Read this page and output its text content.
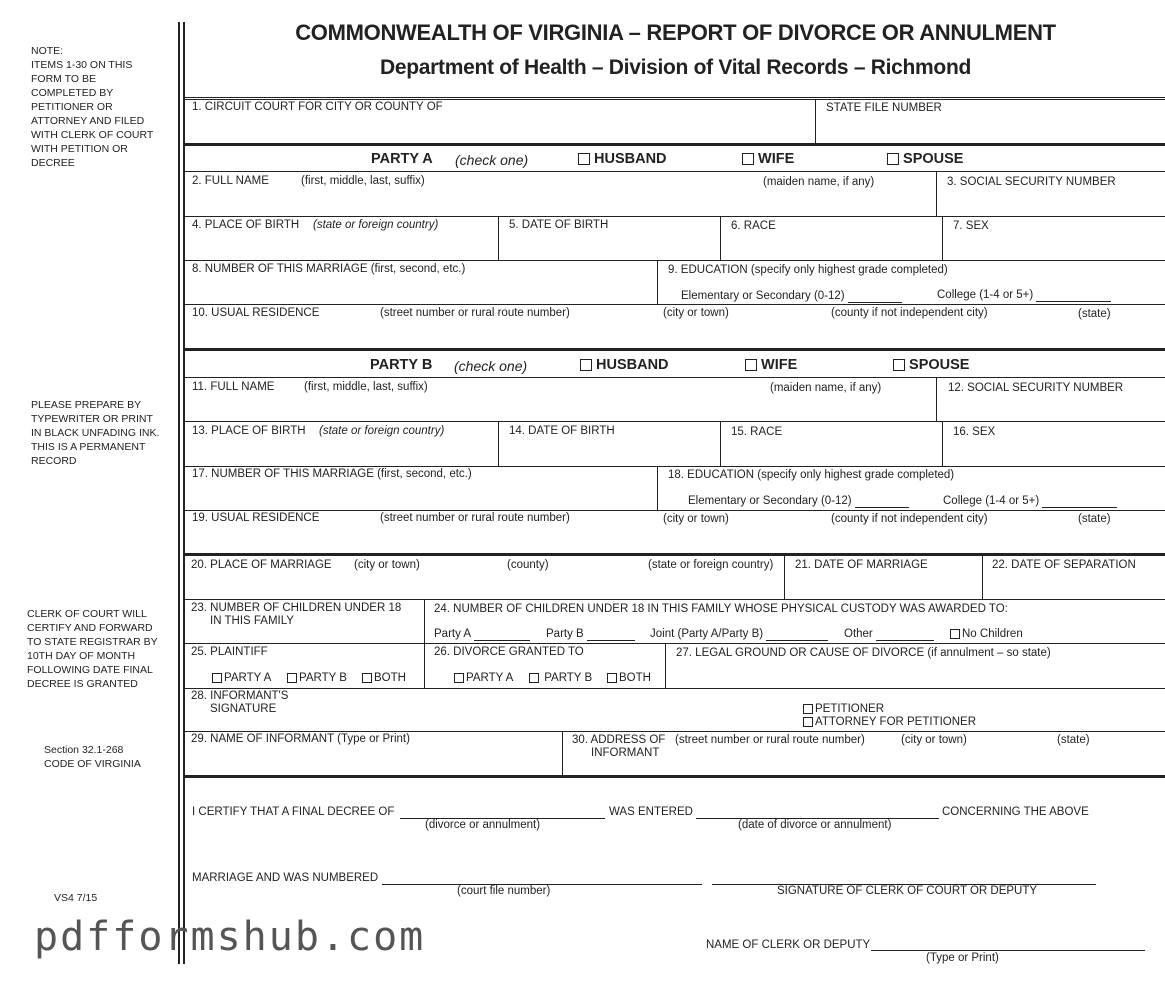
NOTE:
ITEMS 1-30 ON THIS
FORM TO BE
COMPLETED BY
PETITIONER OR
ATTORNEY AND FILED
WITH CLERK OF COURT
WITH PETITION OR
DECREE
PLEASE PREPARE BY
TYPEWRITER OR PRINT
IN BLACK UNFADING INK.
THIS IS A PERMANENT
RECORD
CLERK OF COURT WILL
CERTIFY AND FORWARD
TO STATE REGISTRAR BY
10TH DAY OF MONTH
FOLLOWING DATE FINAL
DECREE IS GRANTED
Section 32.1-268
CODE OF VIRGINIA
VS4 7/15
pdfformshub.com
COMMONWEALTH OF VIRGINIA – REPORT OF DIVORCE OR ANNULMENT
Department of Health – Division of Vital Records – Richmond
1. CIRCUIT COURT FOR CITY OR COUNTY OF	STATE FILE NUMBER
PARTY A (check one)	HUSBAND	WIFE	SPOUSE
2. FULL NAME	(first, middle, last, suffix)	(maiden name, if any)	3. SOCIAL SECURITY NUMBER
4. PLACE OF BIRTH (state or foreign country)	5. DATE OF BIRTH	6. RACE	7. SEX
8. NUMBER OF THIS MARRIAGE (first, second, etc.)	9. EDUCATION (specify only highest grade completed)
Elementary or Secondary (0-12)	College (1-4 or 5+)
10. USUAL RESIDENCE	(street number or rural route number)	(city or town)	(county if not independent city)	(state)
PARTY B (check one)	HUSBAND	WIFE	SPOUSE
11. FULL NAME	(first, middle, last, suffix)	(maiden name, if any)	12. SOCIAL SECURITY NUMBER
13. PLACE OF BIRTH (state or foreign country)	14. DATE OF BIRTH	15. RACE	16. SEX
17. NUMBER OF THIS MARRIAGE (first, second, etc.)	18. EDUCATION (specify only highest grade completed)
Elementary or Secondary (0-12)	College (1-4 or 5+)
19. USUAL RESIDENCE	(street number or rural route number)	(city or town)	(county if not independent city)	(state)
20. PLACE OF MARRIAGE (city or town)	(county)	(state or foreign country) 21. DATE OF MARRIAGE	22. DATE OF SEPARATION
23. NUMBER OF CHILDREN UNDER 18
IN THIS FAMILY
24. NUMBER OF CHILDREN UNDER 18 IN THIS FAMILY WHOSE PHYSICAL CUSTODY WAS AWARDED TO:
Party A	Party B	Joint (Party A/Party B)	Other	No Children
25. PLAINTIFF
PARTY A	PARTY B	BOTH
26. DIVORCE GRANTED TO
PARTY A	PARTY B	BOTH
27. LEGAL GROUND OR CAUSE OF DIVORCE (if annulment – so state)
28. INFORMANT'S
SIGNATURE	PETITIONER
ATTORNEY FOR PETITIONER
29. NAME OF INFORMANT (Type or Print)	30. ADDRESS OF
INFORMANT
(street number or rural route number)	(city or town)	(state)
I CERTIFY THAT A FINAL DECREE OF	WAS ENTERED	CONCERNING THE ABOVE
(divorce or annulment)	(date of divorce or annulment)
MARRIAGE AND WAS NUMBERED
(court file number)	SIGNATURE OF CLERK OF COURT OR DEPUTY
NAME OF CLERK OR DEPUTY
(Type or Print)
